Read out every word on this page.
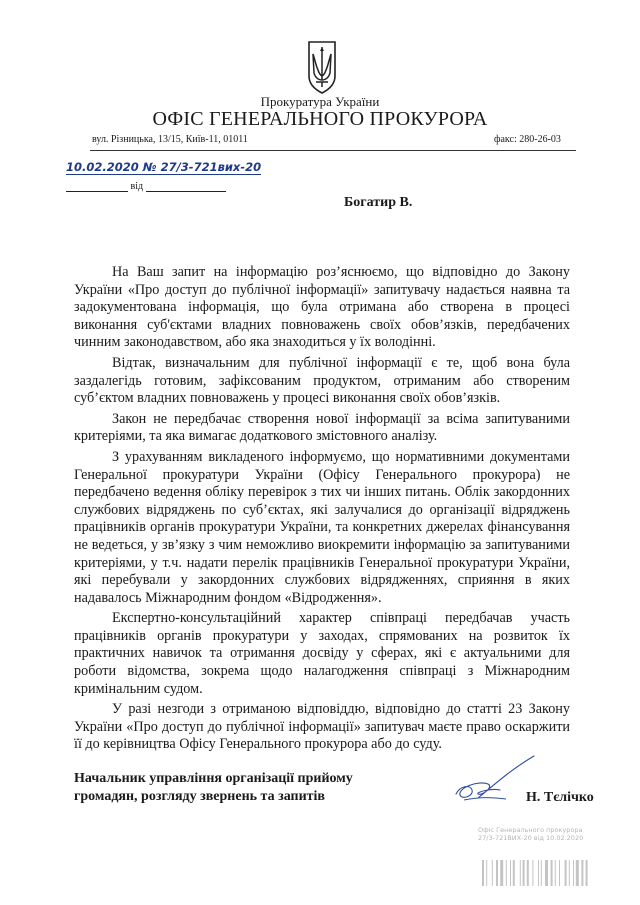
Прокуратура України
ОФІС ГЕНЕРАЛЬНОГО ПРОКУРОРА
вул. Різницька, 13/15, Київ-11, 01011	факс: 280-26-03
10.02.2020 № 27/3-721вих-20
від
Богатир В.

На Ваш запит на інформацію роз’яснюємо, що відповідно до Закону України «Про доступ до публічної інформації» запитувачу надається наявна та задокументована інформація, що була отримана або створена в процесі виконання суб'єктами владних повноважень своїх обов’язків, передбачених чинним законодавством, або яка знаходиться у їх володінні.

Відтак, визначальним для публічної інформації є те, щоб вона була заздалегідь готовим, зафіксованим продуктом, отриманим або створеним суб’єктом владних повноважень у процесі виконання своїх обов’язків.

Закон не передбачає створення нової інформації за всіма запитуваними критеріями, та яка вимагає додаткового змістовного аналізу.

З урахуванням викладеного інформуємо, що нормативними документами Генеральної прокуратури України (Офісу Генерального прокурора) не передбачено ведення обліку перевірок з тих чи інших питань. Облік закордонних службових відряджень по суб’єктах, які залучалися до організації відряджень працівників органів прокуратури України, та конкретних джерелах фінансування не ведеться, у зв’язку з чим неможливо виокремити інформацію за запитуваними критеріями, у т.ч. надати перелік працівників Генеральної прокуратури України, які перебували у закордонних службових відрядженнях, сприяння в яких надавалось Міжнародним фондом «Відродження».

Експертно-консультаційний характер співпраці передбачав участь працівників органів прокуратури у заходах, спрямованих на розвиток їх практичних навичок та отримання досвіду у сферах, які є актуальними для роботи відомства, зокрема щодо налагодження співпраці з Міжнародним кримінальним судом.

У разі незгоди з отриманою відповіддю, відповідно до статті 23 Закону України «Про доступ до публічної інформації» запитувач маєте право оскаржити її до керівництва Офісу Генерального прокурора або до суду.

Начальник управління організації прийому
громадян, розгляду звернень та запитів	Н. Тєлічко
Офіс Генерального прокурора
27/3-721ВИХ-20 від 10.02.2020
